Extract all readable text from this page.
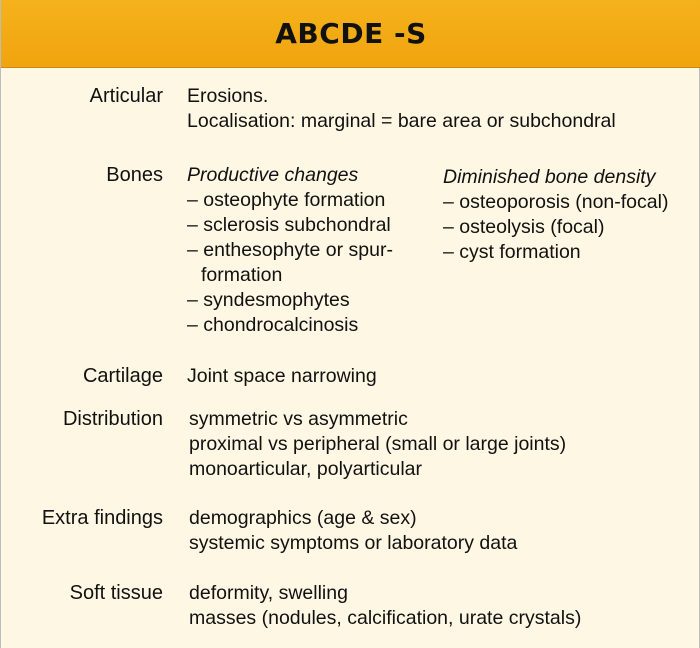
ABCDE -S
Articular Erosions.
Localisation: marginal = bare area or subchondral
Bones Productive changes
– osteophyte formation
– sclerosis subchondral
– enthesophyte or spur-
formation
– syndesmophytes
– chondrocalcinosis
Diminished bone density
– osteoporosis (non-focal)
– osteolysis (focal)
– cyst formation
Cartilage Joint space narrowing
Distribution symmetric vs asymmetric
proximal vs peripheral (small or large joints)
monoarticular, polyarticular
Extra findings demographics (age & sex)
systemic symptoms or laboratory data
Soft tissue deformity, swelling
masses (nodules, calcification, urate crystals)
